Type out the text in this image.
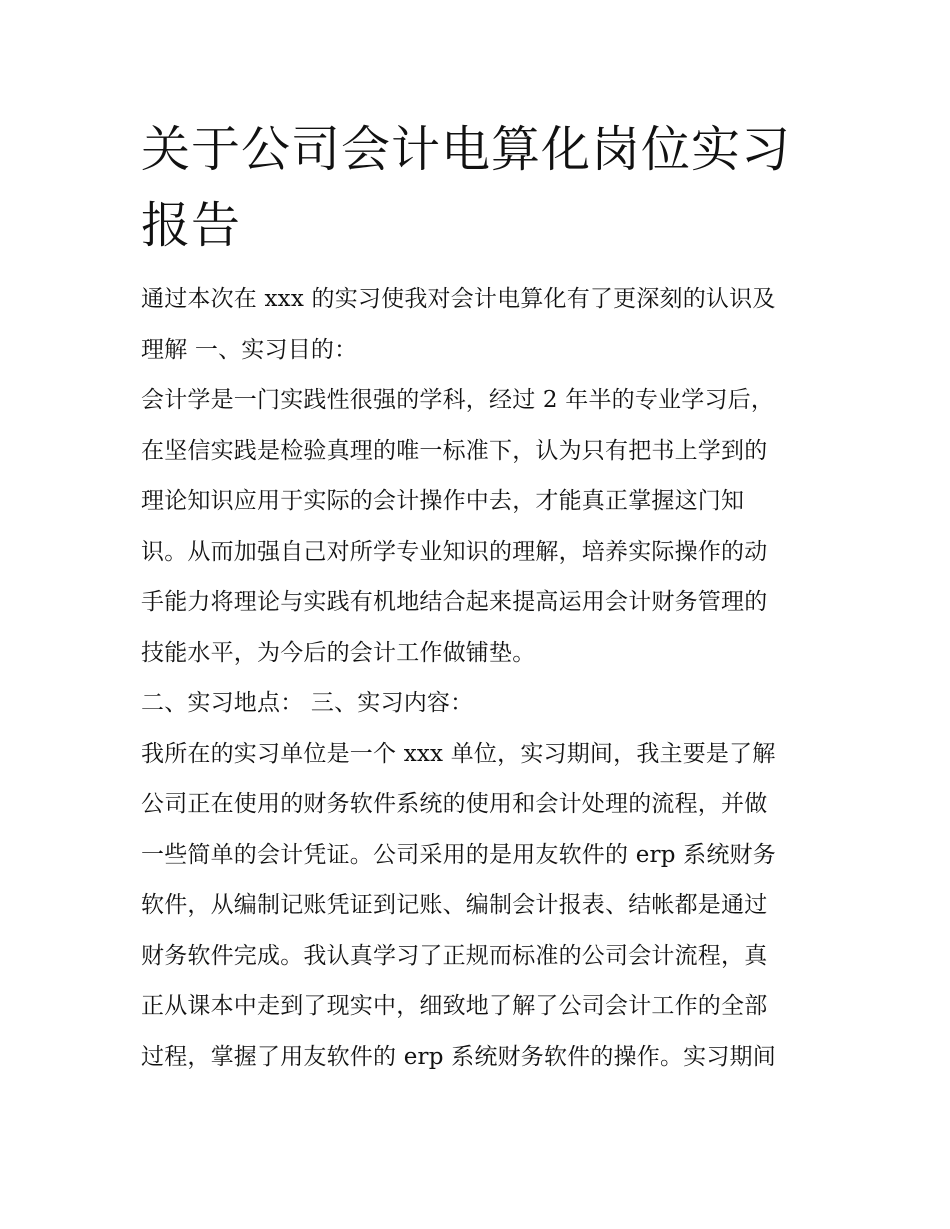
关于公司会计电算化岗位实习
报告

通过本次在 xxx 的实习使我对会计电算化有了更深刻的认识及
理解 一、实习目的：

会计学是一门实践性很强的学科，经过 2 年半的专业学习后，
在坚信实践是检验真理的唯一标准下，认为只有把书上学到的
理论知识应用于实际的会计操作中去，才能真正掌握这门知
识。从而加强自己对所学专业知识的理解，培养实际操作的动
手能力将理论与实践有机地结合起来提高运用会计财务管理的
技能水平，为今后的会计工作做铺垫。

二、实习地点： 三、实习内容：

我所在的实习单位是一个 xxx 单位，实习期间，我主要是了解
公司正在使用的财务软件系统的使用和会计处理的流程，并做
一些简单的会计凭证。公司采用的是用友软件的 erp 系统财务
软件，从编制记账凭证到记账、编制会计报表、结帐都是通过
财务软件完成。我认真学习了正规而标准的公司会计流程，真
正从课本中走到了现实中，细致地了解了公司会计工作的全部
过程，掌握了用友软件的 erp 系统财务软件的操作。实习期间
